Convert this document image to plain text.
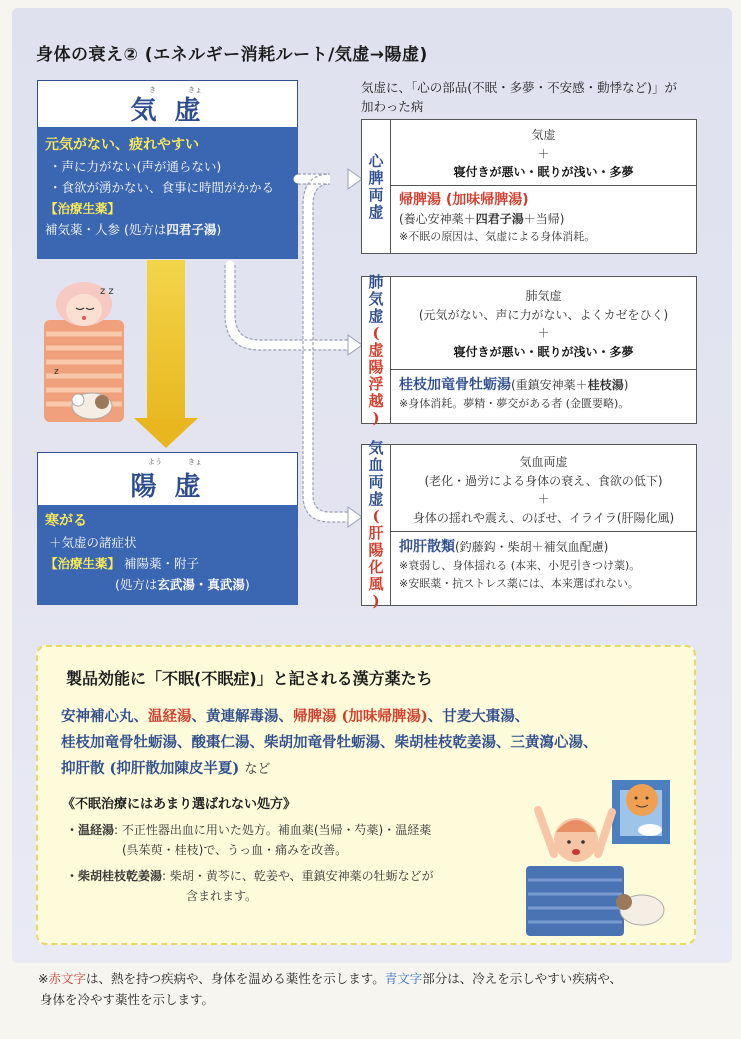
身体の衰え② (エネルギー消耗ルート/気虚→陽虚)
気虚に、「心の部品(不眠・多夢・不安感・動悸など)」が
加わった病
き	きょ
気虚
元気がない、疲れやすい
・声に力がない(声が通らない)
・食欲が湧かない、食事に時間がかかる
【治療生薬】
補気薬・人参 (処方は四君子湯)
z z
z
よう	きょ
陽虚
寒がる
＋気虚の諸症状
【治療生薬】 補陽薬・附子
(処方は玄武湯・真武湯)
心
脾
両
虚
気虚
＋
寝付きが悪い・眠りが浅い・多夢
帰脾湯 (加味帰脾湯)
(養心安神薬＋四君子湯＋当帰)
※不眠の原因は、気虚による身体消耗。
肺
気
虚
(
虚
陽
浮
越
)
肺気虚
(元気がない、声に力がない、よくカゼをひく)
＋
寝付きが悪い・眠りが浅い・多夢
桂枝加竜骨牡蛎湯(重鎮安神薬＋桂枝湯)
※身体消耗。夢精・夢交がある者 (金匱要略)。
気
血
両
虚
(
肝
陽
化
風
)
気血両虚
(老化・過労による身体の衰え、食欲の低下)
＋
身体の揺れや震え、のぼせ、イライラ(肝陽化風)
抑肝散類(釣藤鈎・柴胡＋補気血配慮)
※衰弱し、身体揺れる (本来、小児引きつけ薬)。
※安眠薬・抗ストレス薬には、本来選ばれない。
製品効能に「不眠(不眠症)」と記される漢方薬たち
安神補心丸、温経湯、黄連解毒湯、帰脾湯 (加味帰脾湯)、甘麦大棗湯、
桂枝加竜骨牡蛎湯、酸棗仁湯、柴胡加竜骨牡蛎湯、柴胡桂枝乾姜湯、三黄瀉心湯、
抑肝散 (抑肝散加陳皮半夏) など
《不眠治療にはあまり選ばれない処方》
・温経湯: 不正性器出血に用いた処方。補血薬(当帰・芍薬)・温経薬
(呉茱萸・桂枝)で、うっ血・痛みを改善。
・柴胡桂枝乾姜湯: 柴胡・黄芩に、乾姜や、重鎮安神薬の牡蛎などが
含まれます。
※赤文字は、熱を持つ疾病や、身体を温める薬性を示します。青文字部分は、冷えを示しやすい疾病や、
身体を冷やす薬性を示します。
